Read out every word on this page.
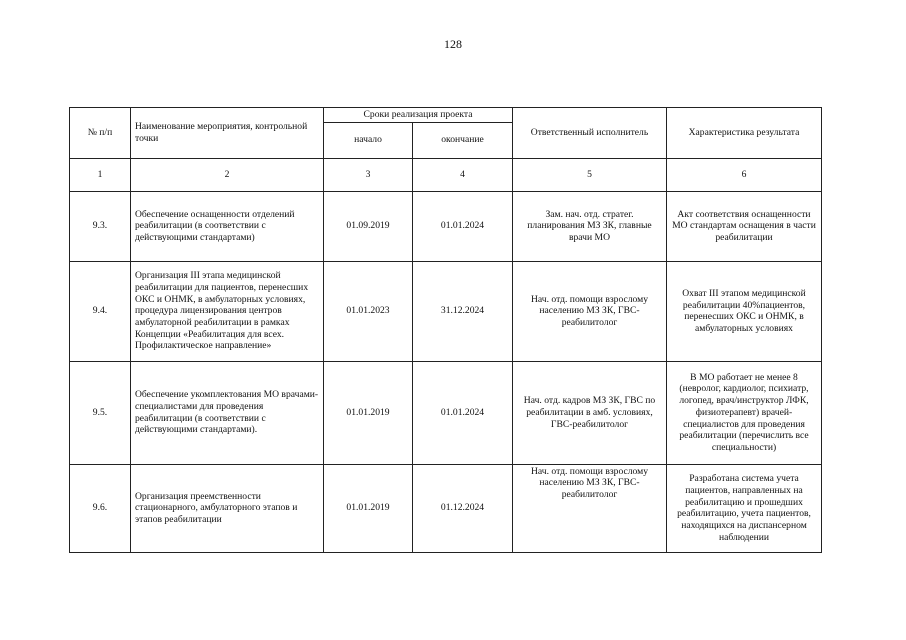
128
№ п/п	Наименование мероприятия, контрольной точки	Сроки реализация проекта		Ответственный исполнитель	Характеристика результата
		начало	окончание		
1	2	3	4	5	6
9.3.	Обеспечение оснащенности отделений реабилитации (в соответствии с действующими стандартами)	01.09.2019	01.01.2024	Зам. нач. отд. стратег. планирования МЗ ЗК, главные врачи МО	Акт соответствия оснащенности МО стандартам оснащения в части реабилитации
9.4.	Организация III этапа медицинской реабилитации для пациентов, перенесших ОКС и ОНМК, в амбулаторных условиях, процедура лицензирования центров амбулаторной реабилитации в рамках Концепции «Реабилитация для всех. Профилактическое направление»	01.01.2023	31.12.2024	Нач. отд. помощи взрослому населению МЗ ЗК, ГВС-реабилитолог	Охват III этапом медицинской реабилитации 40%пациентов, перенесших ОКС и ОНМК, в амбулаторных условиях
9.5.	Обеспечение укомплектования МО врачами-специалистами для проведения реабилитации (в соответствии с действующими стандартами).	01.01.2019	01.01.2024	Нач. отд. кадров МЗ ЗК, ГВС по реабилитации в амб. условиях, ГВС-реабилитолог	В МО работает не менее 8 (невролог, кардиолог, психиатр, логопед, врач/инструктор ЛФК, физиотерапевт) врачей-специалистов для проведения реабилитации (перечислить все специальности)
9.6.	Организация преемственности стационарного, амбулаторного этапов и этапов реабилитации	01.01.2019	01.12.2024	Нач. отд. помощи взрослому населению МЗ ЗК, ГВС-реабилитолог	Разработана система учета пациентов, направленных на реабилитацию и прошедших реабилитацию, учета пациентов, находящихся на диспансерном наблюдении
